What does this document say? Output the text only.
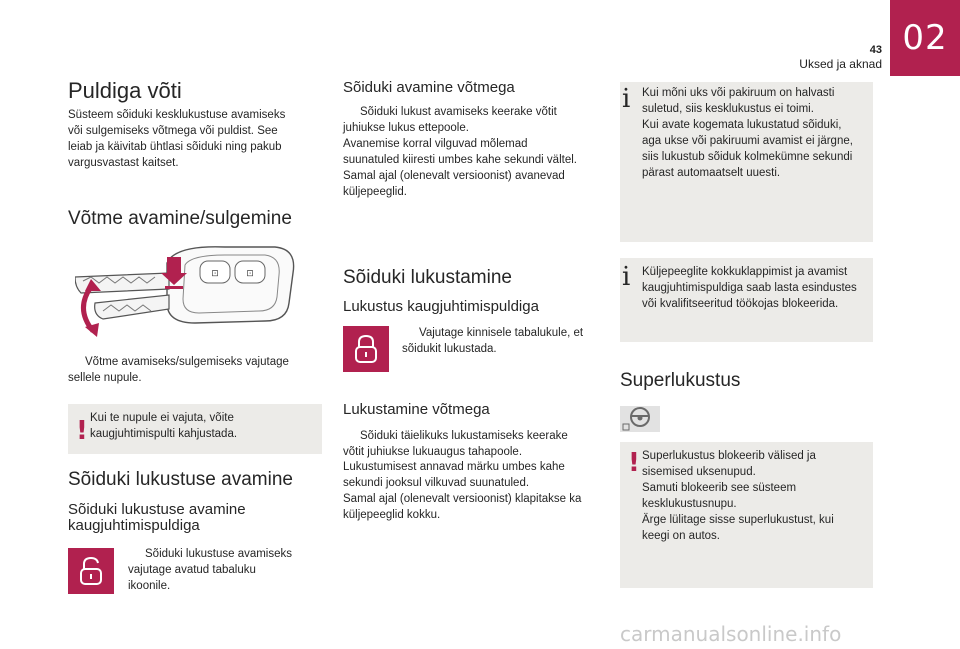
02
43
Uksed ja aknad
Puldiga võti
Süsteem sõiduki kesklukustuse avamiseks
või sulgemiseks võtmega või puldist. See
leiab ja käivitab ühtlasi sõiduki ning pakub
vargusvastast kaitset.
Võtme avamine/sulgemine
⊡	⊡
Võtme avamiseks/sulgemiseks vajutage
sellele nupule.
! Kui te nupule ei vajuta, võite
kaugjuhtimispulti kahjustada.
Sõiduki lukustuse avamine
Sõiduki lukustuse avamine
kaugjuhtimispuldiga
Sõiduki lukustuse avamiseks
vajutage avatud tabaluku
ikoonile.
Sõiduki avamine võtmega
Sõiduki lukust avamiseks keerake võtit
juhiukse lukus ettepoole.
Avanemise korral vilguvad mõlemad
suunatuled kiiresti umbes kahe sekundi vältel.
Samal ajal (olenevalt versioonist) avanevad
küljepeeglid.
Sõiduki lukustamine
Lukustus kaugjuhtimispuldiga
Vajutage kinnisele tabalukule, et
sõidukit lukustada.
Lukustamine võtmega
Sõiduki täielikuks lukustamiseks keerake
võtit juhiukse lukuaugus tahapoole.
Lukustumisest annavad märku umbes kahe
sekundi jooksul vilkuvad suunatuled.
Samal ajal (olenevalt versioonist) klapitakse ka
küljepeeglid kokku.
i Kui mõni uks või pakiruum on halvasti
suletud, siis kesklukustus ei toimi.
Kui avate kogemata lukustatud sõiduki,
aga ukse või pakiruumi avamist ei järgne,
siis lukustub sõiduk kolmekümne sekundi
pärast automaatselt uuesti.
i Küljepeeglite kokkuklappimist ja avamist
kaugjuhtimispuldiga saab lasta esindustes
või kvalifitseeritud töökojas blokeerida.
Superlukustus
! Superlukustus blokeerib välised ja
sisemised uksenupud.
Samuti blokeerib see süsteem
kesklukustusnupu.
Ärge lülitage sisse superlukustust, kui
keegi on autos.
carmanualsonline.info
